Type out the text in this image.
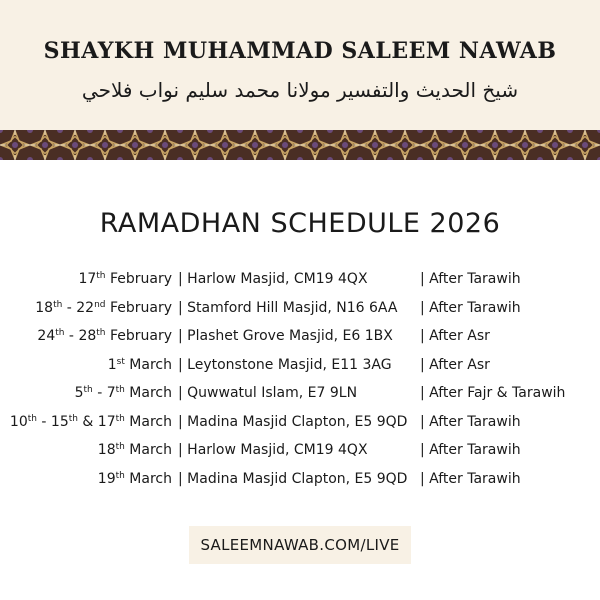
SHAYKH MUHAMMAD SALEEM NAWAB
شيخ الحديث والتفسير مولانا محمد سليم نواب فلاحي
RAMADHAN SCHEDULE 2026
17th February | Harlow Masjid, CM19 4QX	| After Tarawih
18th - 22nd February | Stamford Hill Masjid, N16 6AA | After Tarawih
24th - 28th February | Plashet Grove Masjid, E6 1BX | After Asr
1st March | Leytonstone Masjid, E11 3AG | After Asr
5th - 7th March | Quwwatul Islam, E7 9LN	| After Fajr & Tarawih
10th - 15th & 17th March | Madina Masjid Clapton, E5 9QD | After Tarawih
18th March | Harlow Masjid, CM19 4QX	| After Tarawih
19th March | Madina Masjid Clapton, E5 9QD | After Tarawih
SALEEMNAWAB.COM/LIVE
